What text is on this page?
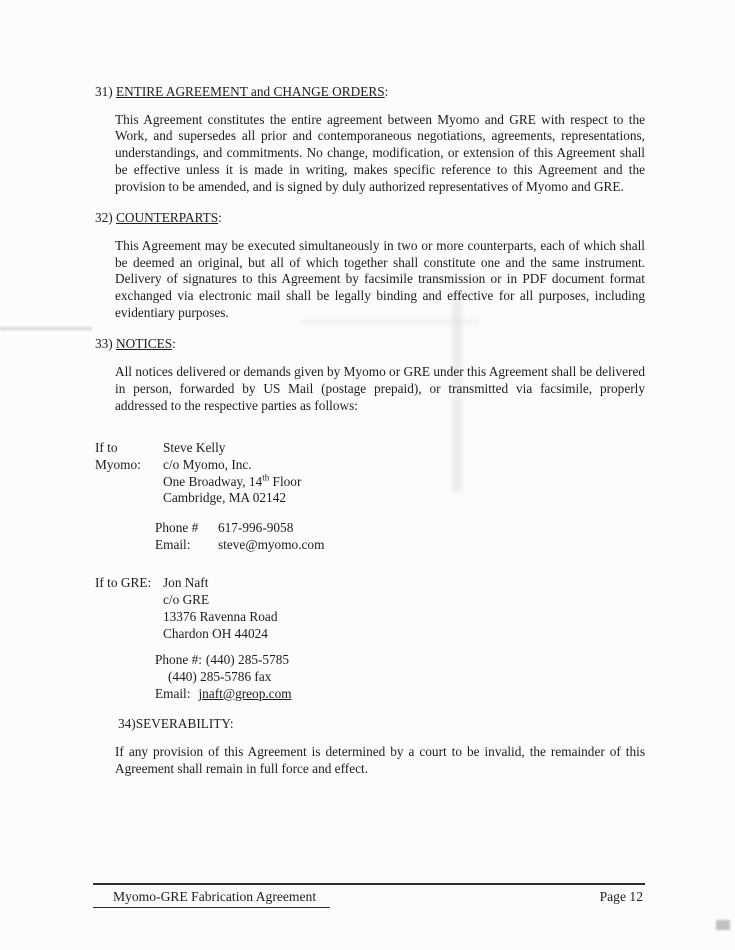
31) ENTIRE AGREEMENT and CHANGE ORDERS:
This Agreement constitutes the entire agreement between Myomo and GRE with respect to the Work, and supersedes all prior and contemporaneous negotiations, agreements, representations, understandings, and commitments. No change, modification, or extension of this Agreement shall be effective unless it is made in writing, makes specific reference to this Agreement and the provision to be amended, and is signed by duly authorized representatives of Myomo and GRE.
32) COUNTERPARTS:
This Agreement may be executed simultaneously in two or more counterparts, each of which shall be deemed an original, but all of which together shall constitute one and the same instrument. Delivery of signatures to this Agreement by facsimile transmission or in PDF document format exchanged via electronic mail shall be legally binding and effective for all purposes, including evidentiary purposes.
33) NOTICES:
All notices delivered or demands given by Myomo or GRE under this Agreement shall be delivered in person, forwarded by US Mail (postage prepaid), or transmitted via facsimile, properly addressed to the respective parties as follows:
If to Myomo:
Steve Kelly
c/o Myomo, Inc.
One Broadway, 14th Floor
Cambridge, MA 02142
Phone #	617-996-9058
Email:	steve@myomo.com
If to GRE: Jon Naft
c/o GRE
13376 Ravenna Road
Chardon OH 44024
Phone #: (440) 285-5785
(440) 285-5786 fax
Email: jnaft@greop.com
34)SEVERABILITY:
If any provision of this Agreement is determined by a court to be invalid, the remainder of this Agreement shall remain in full force and effect.
Myomo-GRE Fabrication Agreement	Page 12
